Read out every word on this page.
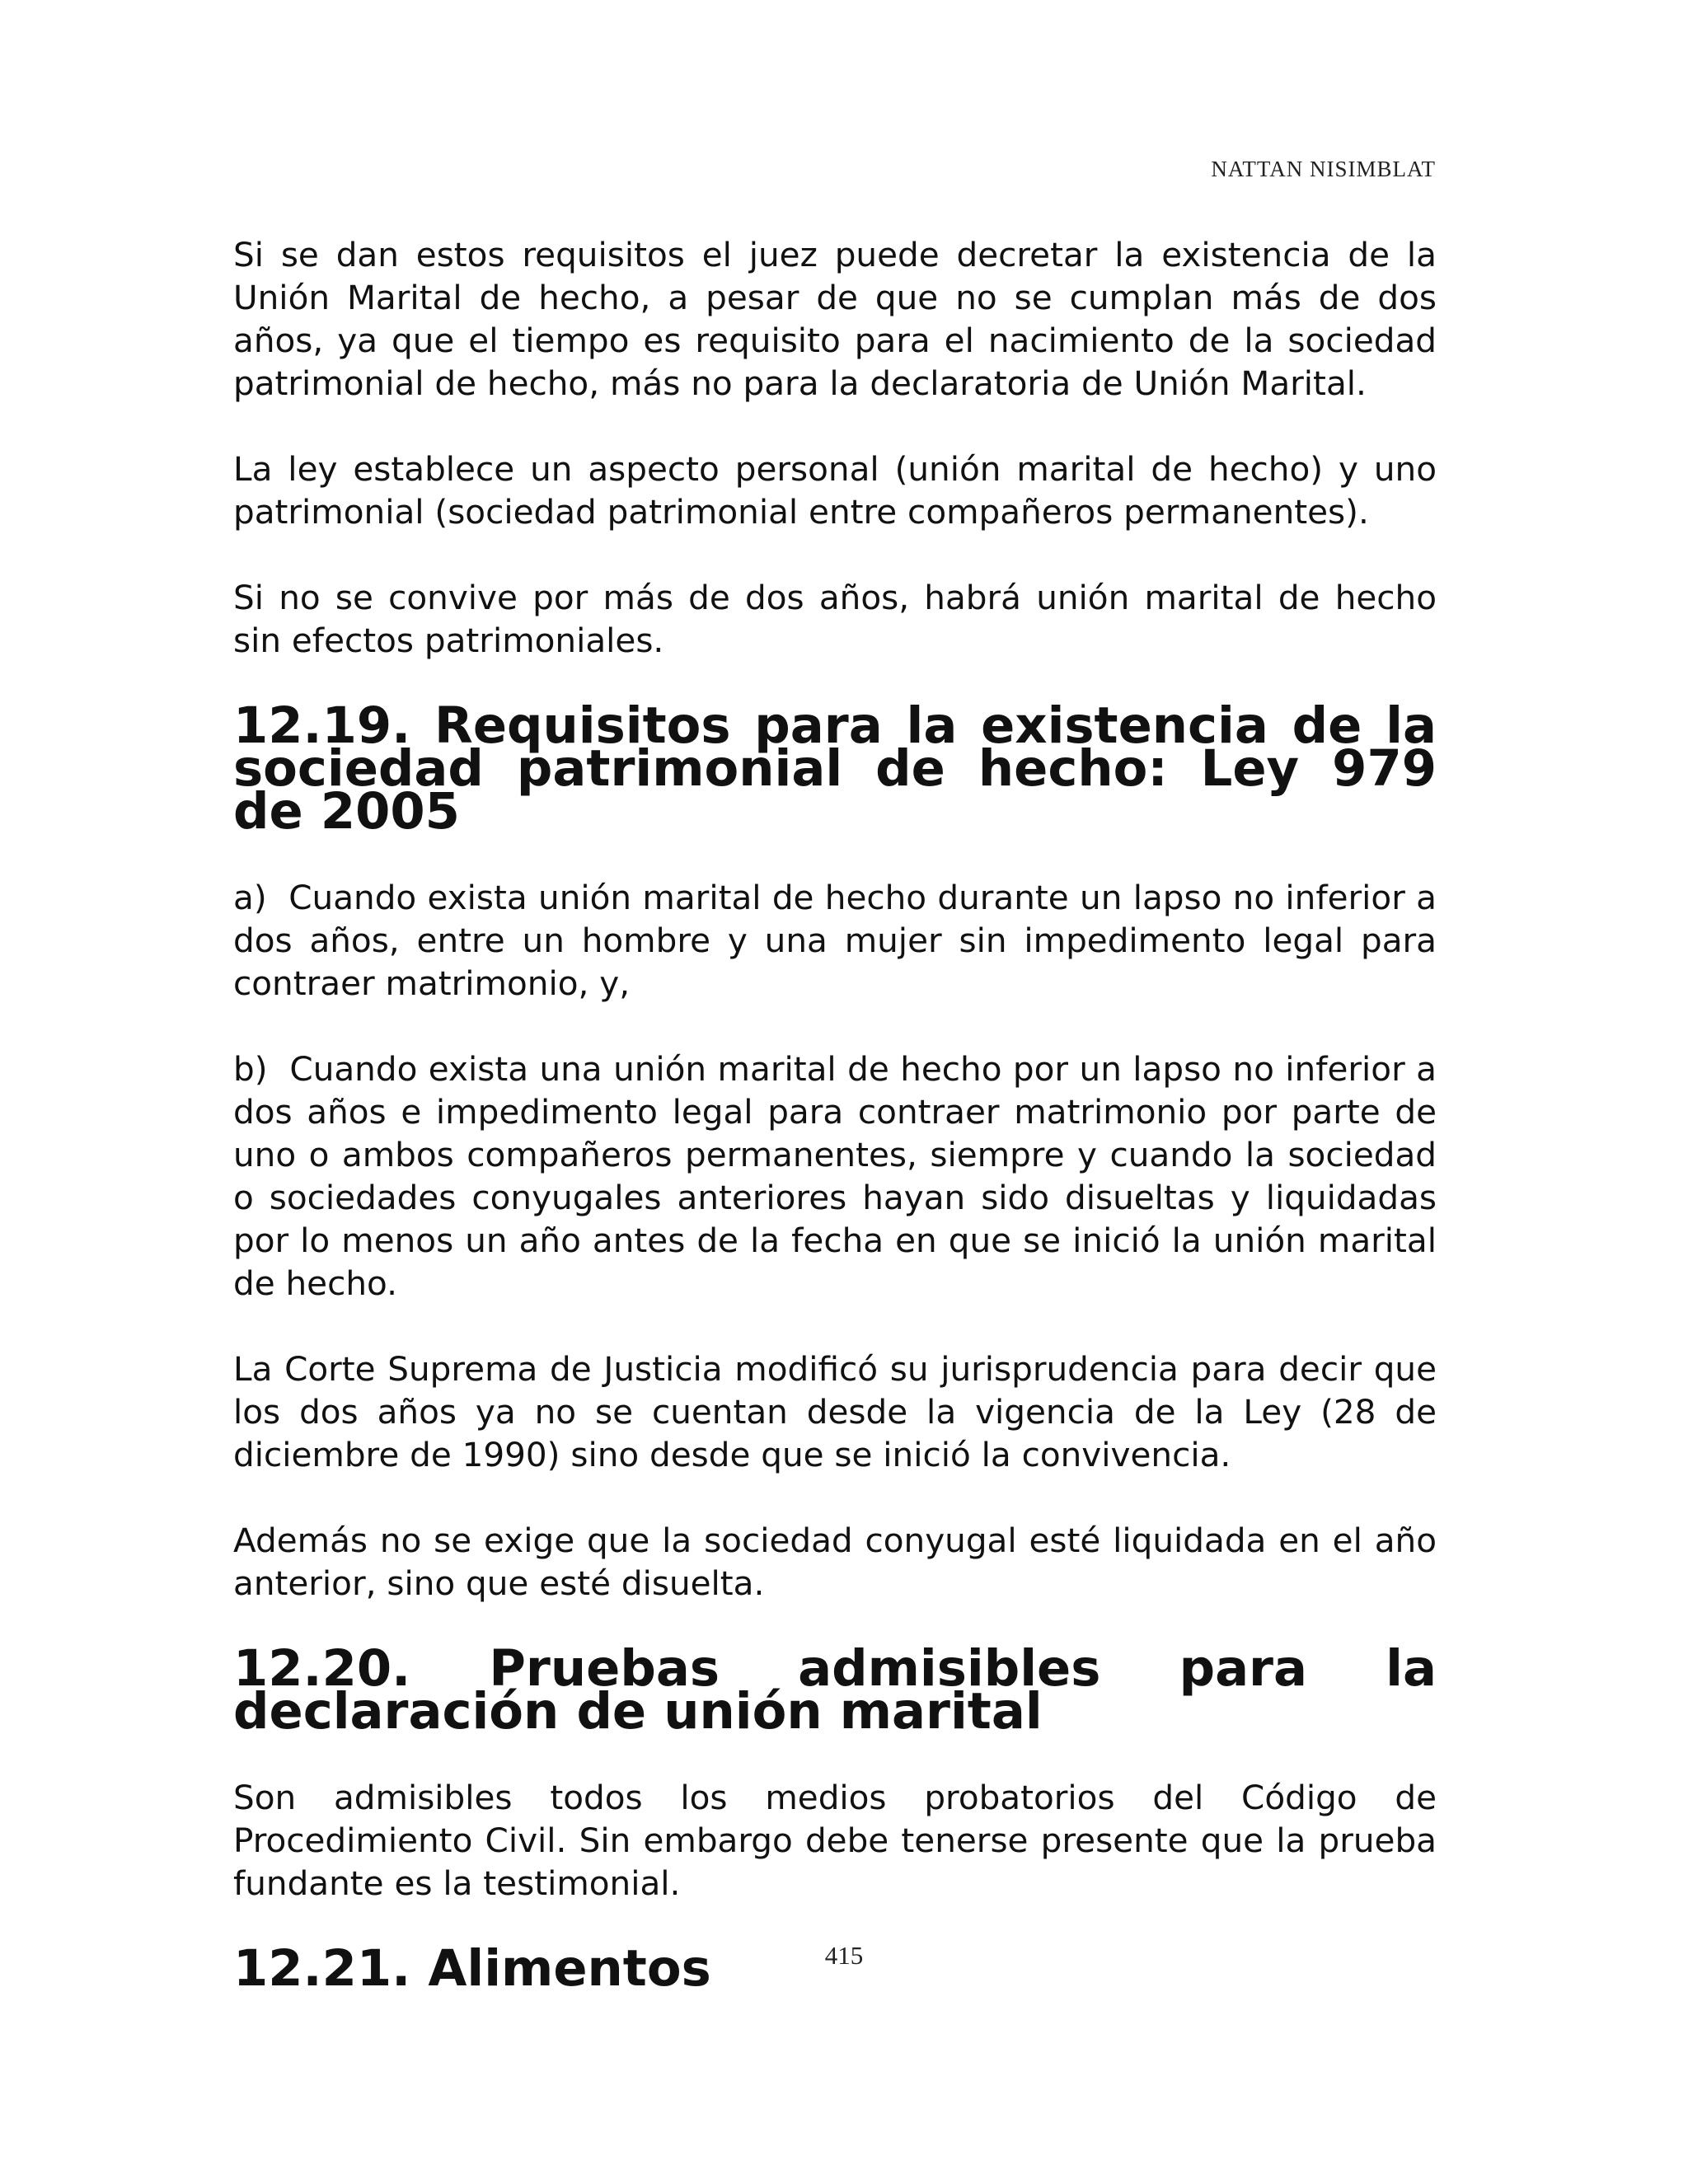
NATTAN NISIMBLAT

Si se dan estos requisitos el juez puede decretar la existencia de la Unión Marital de hecho, a pesar de que no se cumplan más de dos años, ya que el tiempo es requisito para el nacimiento de la sociedad patrimonial de hecho, más no para la declaratoria de Unión Marital.

La ley establece un aspecto personal (unión marital de hecho) y uno patrimonial (sociedad patrimonial entre compañeros permanentes).

Si no se convive por más de dos años, habrá unión marital de hecho sin efectos patrimoniales.

12.19. Requisitos para la existencia de la sociedad patrimonial de hecho: Ley 979 de 2005

a) Cuando exista unión marital de hecho durante un lapso no inferior a dos años, entre un hombre y una mujer sin impedimento legal para contraer matrimonio, y,

b) Cuando exista una unión marital de hecho por un lapso no inferior a dos años e impedimento legal para contraer matrimonio por parte de uno o ambos compañeros permanentes, siempre y cuando la sociedad o sociedades conyugales anteriores hayan sido disueltas y liquidadas por lo menos un año antes de la fecha en que se inició la unión marital de hecho.

La Corte Suprema de Justicia modificó su jurisprudencia para decir que los dos años ya no se cuentan desde la vigencia de la Ley (28 de diciembre de 1990) sino desde que se inició la convivencia.

Además no se exige que la sociedad conyugal esté liquidada en el año anterior, sino que esté disuelta.

12.20. Pruebas admisibles para la declaración de unión marital

Son admisibles todos los medios probatorios del Código de Procedimiento Civil. Sin embargo debe tenerse presente que la prueba fundante es la testimonial.

12.21. Alimentos	415
